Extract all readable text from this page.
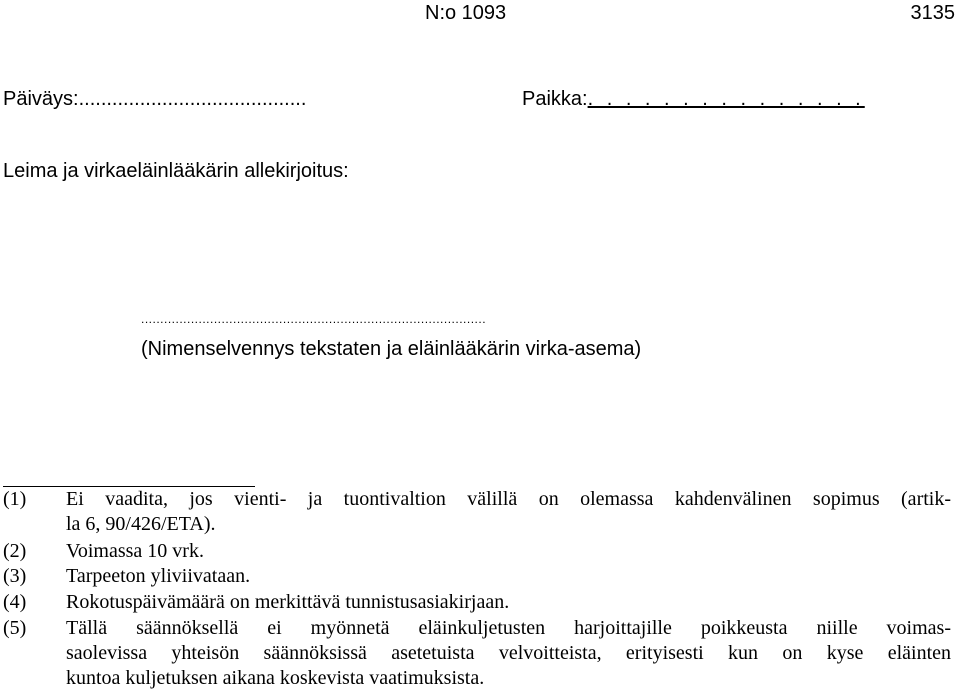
N:o 1093	3135
Päiväys:.........................................	Paikka:. . . . . . . . . . . . . . .
Leima ja virkaeläinlääkärin allekirjoitus:
..........................................................................................
(Nimenselvennys tekstaten ja eläinlääkärin virka-asema)
(1) Ei vaadita, jos vienti- ja tuontivaltion välillä on olemassa kahdenvälinen sopimus (artik-
la 6, 90/426/ETA).
(2) Voimassa 10 vrk.
(3) Tarpeeton yliviivataan.
(4) Rokotuspäivämäärä on merkittävä tunnistusasiakirjaan.
(5) Tällä säännöksellä ei myönnetä eläinkuljetusten harjoittajille poikkeusta niille voimas-
saolevissa yhteisön säännöksissä asetetuista velvoitteista, erityisesti kun on kyse eläinten
kuntoa kuljetuksen aikana koskevista vaatimuksista.
